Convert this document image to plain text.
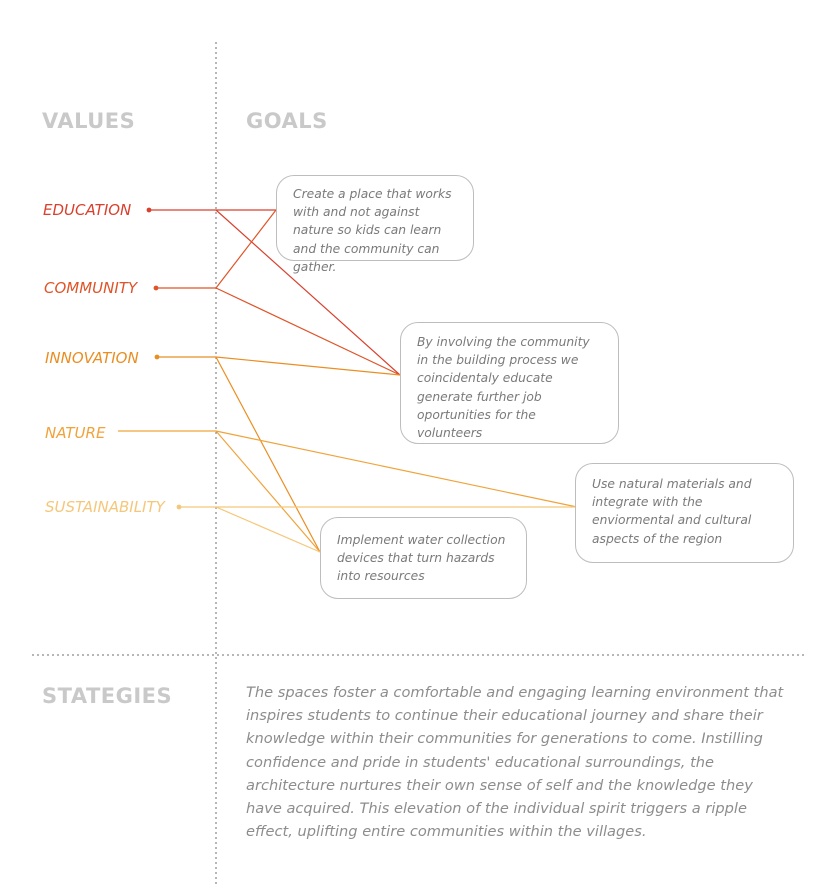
VALUES	GOALS
STATEGIES
EDUCATION
COMMUNITY
INNOVATION
NATURE
SUSTAINABILITY
Create a place that works with and not against nature so kids can learn and the community can gather.
By involving the community in the building process we coincidentaly educate generate further job oportunities for the volunteers
Use natural materials and integrate with the enviormental and cultural aspects of the region
Implement water collection devices that turn hazards into resources
The spaces foster a comfortable and engaging learning environment that inspires students to continue their educational journey and share their knowledge within their communities for generations to come. Instilling confidence and pride in students' educational surroundings, the architecture nurtures their own sense of self and the knowledge they have acquired. This elevation of the individual spirit triggers a ripple effect, uplifting entire communities within the villages.
